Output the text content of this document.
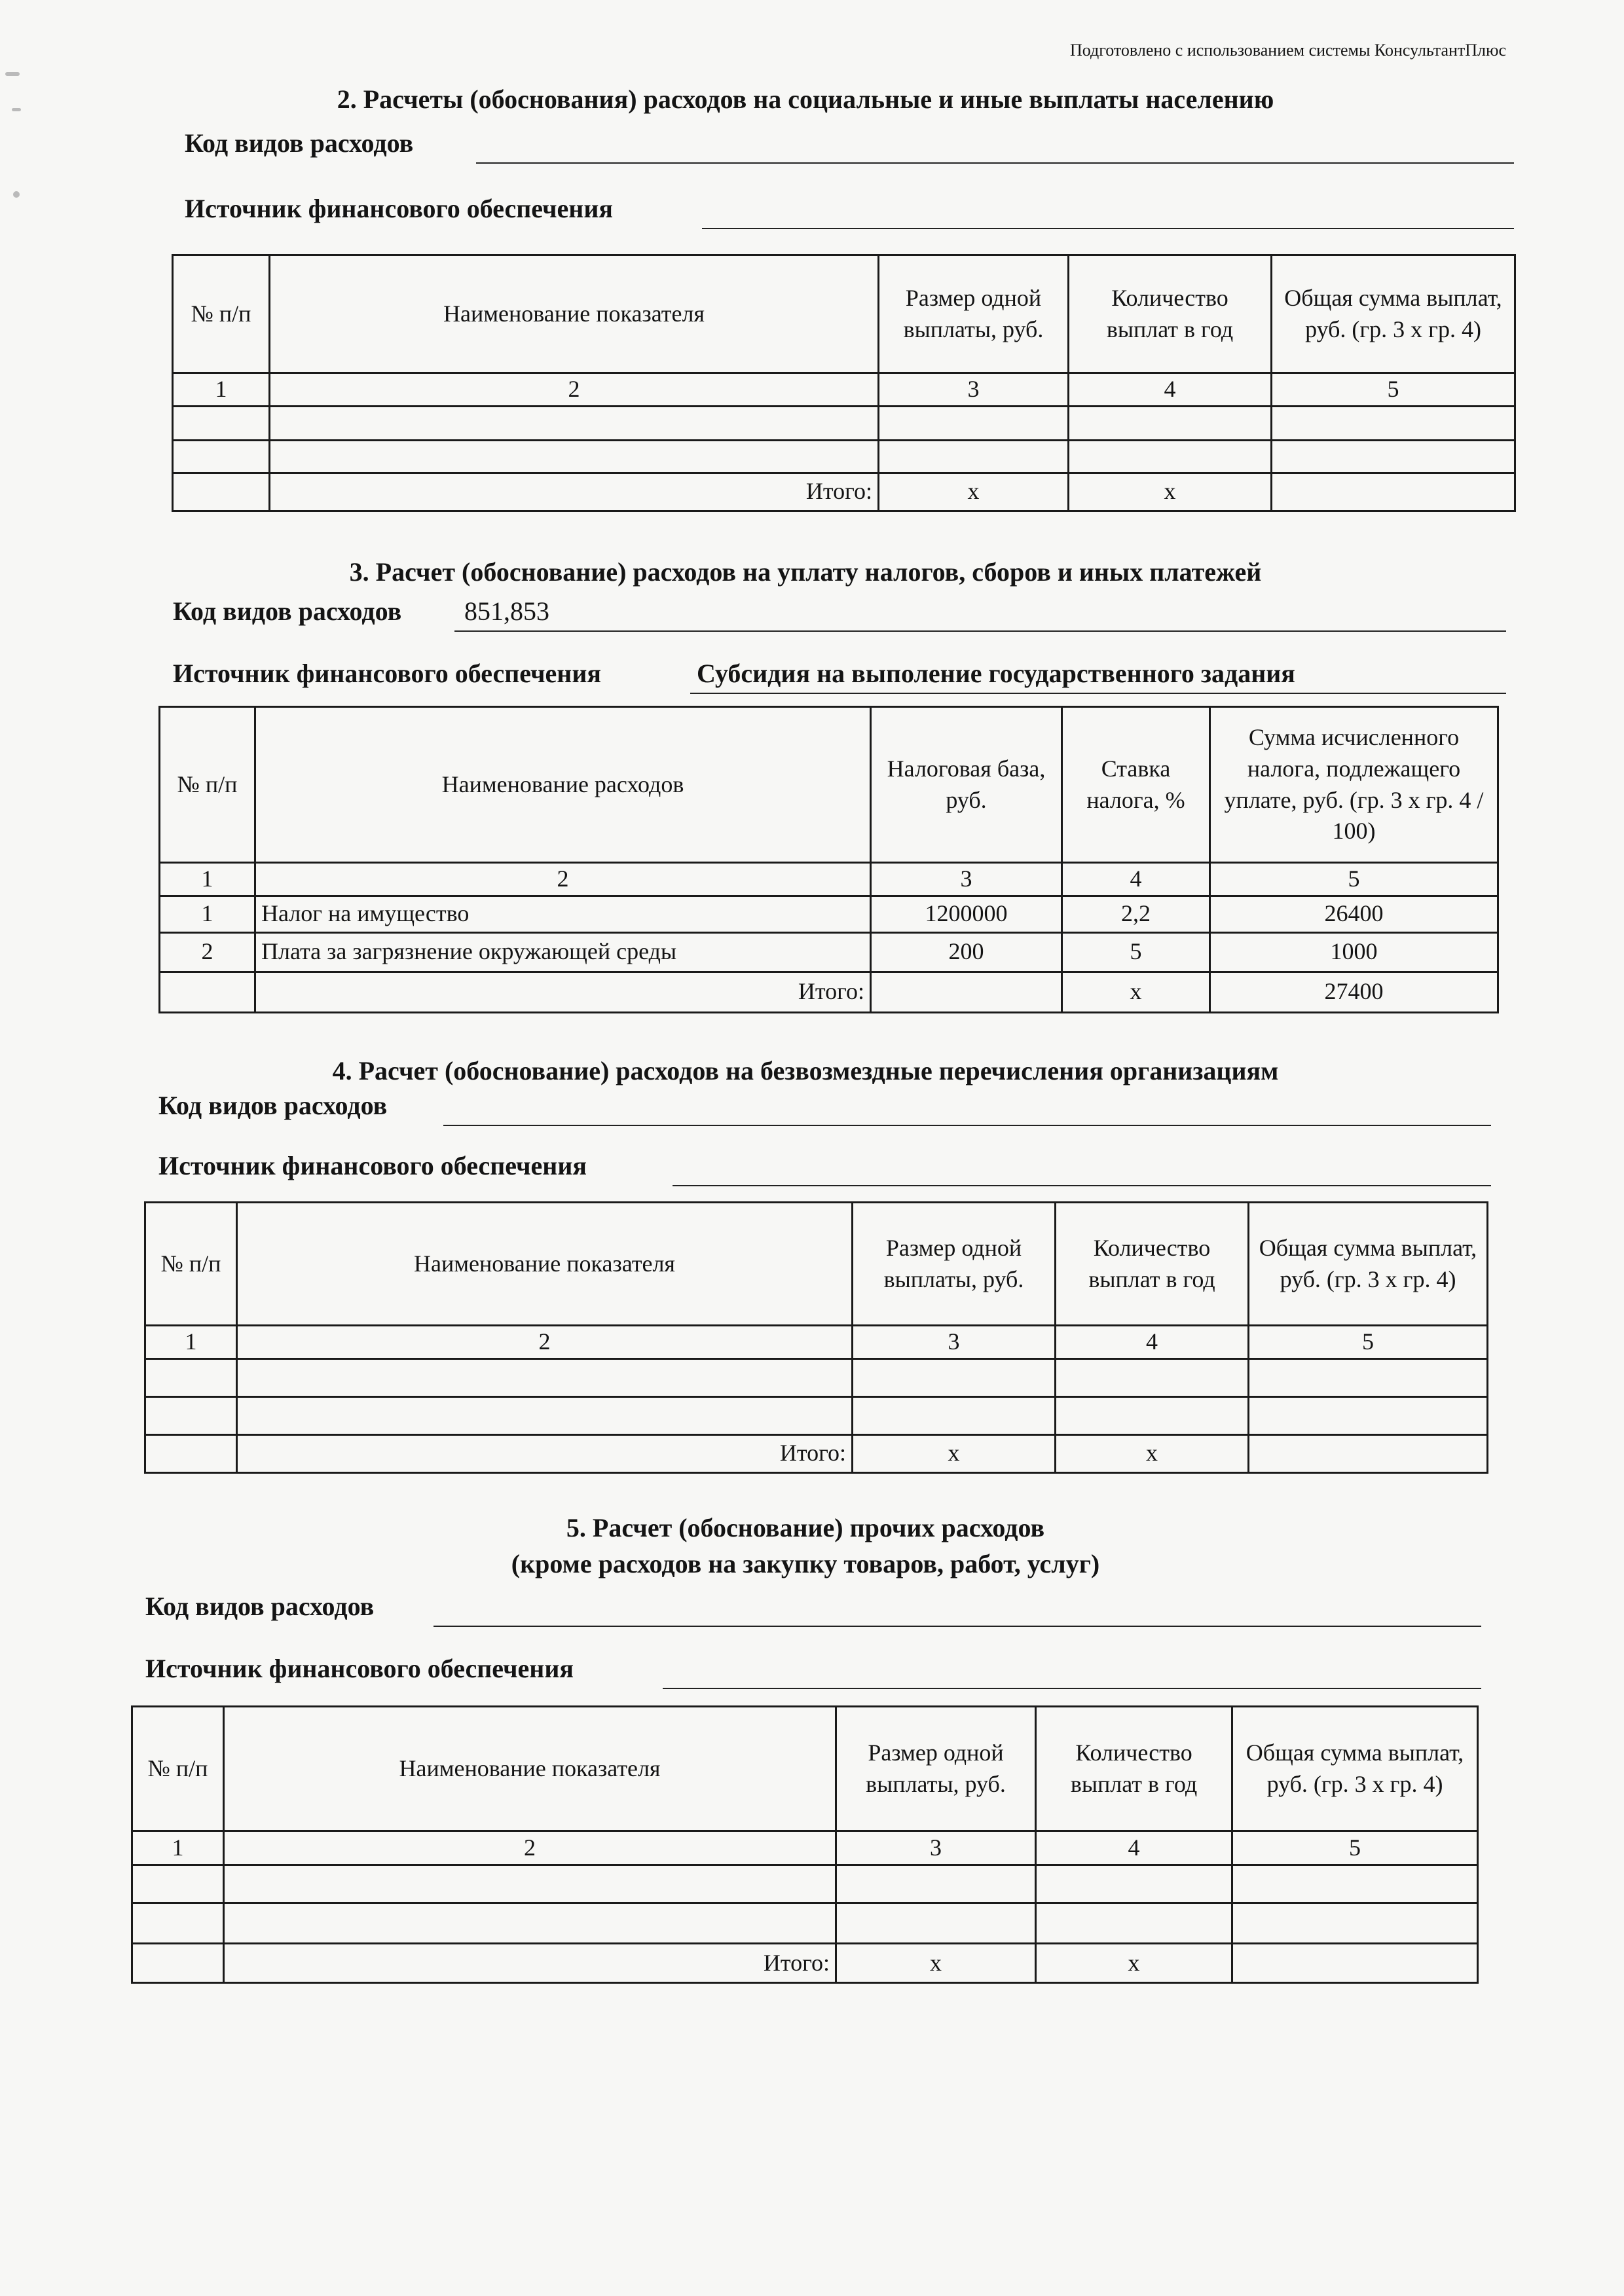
Подготовлено с использованием системы КонсультантПлюс
2. Расчеты (обоснования) расходов на социальные и иные выплаты населению
Код видов расходов
Источник финансового обеспечения
№ п/п	Наименование показателя	Размер одной выплаты, руб.	Количество выплат в год	Общая сумма выплат, руб. (гр. 3 х гр. 4)
1	2	3	4	5

	Итого:	х	х	
3. Расчет (обоснование) расходов на уплату налогов, сборов и иных платежей
Код видов расходов 851,853
Источник финансового обеспечения	Субсидия на выполение государственного задания
№ п/п	Наименование расходов	Налоговая база, руб.	Ставка налога, %	Сумма исчисленного налога, подлежащего уплате, руб. (гр. 3 х гр. 4 / 100)
1	2	3	4	5
1	Налог на имущество	1200000	2,2	26400
2	Плата за загрязнение окружающей среды	200	5	1000
	Итого:		х	27400
4. Расчет (обоснование) расходов на безвозмездные перечисления организациям
Код видов расходов
Источник финансового обеспечения
№ п/п	Наименование показателя	Размер одной выплаты, руб.	Количество выплат в год	Общая сумма выплат, руб. (гр. 3 х гр. 4)
1	2	3	4	5

	Итого:	х	х	
5. Расчет (обоснование) прочих расходов
(кроме расходов на закупку товаров, работ, услуг)
Код видов расходов
Источник финансового обеспечения
№ п/п	Наименование показателя	Размер одной выплаты, руб.	Количество выплат в год	Общая сумма выплат, руб. (гр. 3 х гр. 4)
1	2	3	4	5

	Итого:	х	х	
